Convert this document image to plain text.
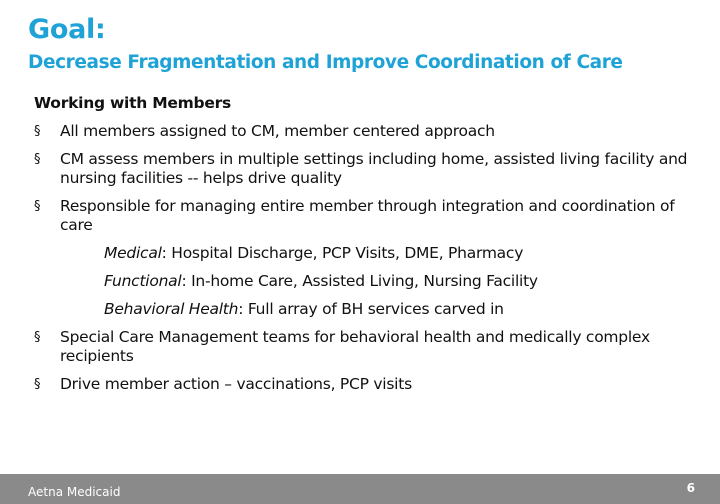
Goal:
Decrease Fragmentation and Improve Coordination of Care
Working with Members
§ All members assigned to CM, member centered approach
§ CM assess members in multiple settings including home, assisted living facility and nursing facilities -- helps drive quality
§ Responsible for managing entire member through integration and coordination of care
Medical: Hospital Discharge, PCP Visits, DME, Pharmacy
Functional: In-home Care, Assisted Living, Nursing Facility
Behavioral Health: Full array of BH services carved in
§ Special Care Management teams for behavioral health and medically complex recipients
§ Drive member action – vaccinations, PCP visits
Aetna Medicaid	6
